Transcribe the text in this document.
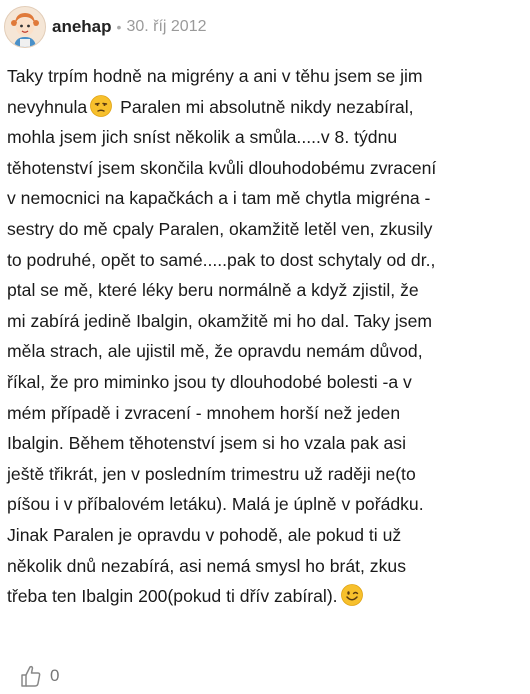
anehap • 30. říj 2012
Taky trpím hodně na migrény a ani v těhu jsem se jim
nevyhnula Paralen mi absolutně nikdy nezabíral,
mohla jsem jich sníst několik a smůla.....v 8. týdnu
těhotenství jsem skončila kvůli dlouhodobému zvracení
v nemocnici na kapačkách a i tam mě chytla migréna -
sestry do mě cpaly Paralen, okamžitě letěl ven, zkusily
to podruhé, opět to samé.....pak to dost schytaly od dr.,
ptal se mě, které léky beru normálně a když zjistil, že
mi zabírá jedině Ibalgin, okamžitě mi ho dal. Taky jsem
měla strach, ale ujistil mě, že opravdu nemám důvod,
říkal, že pro miminko jsou ty dlouhodobé bolesti -a v
mém případě i zvracení - mnohem horší než jeden
Ibalgin. Během těhotenství jsem si ho vzala pak asi
ještě třikrát, jen v posledním trimestru už raději ne(to
píšou i v příbalovém letáku). Malá je úplně v pořádku.
Jinak Paralen je opravdu v pohodě, ale pokud ti už
několik dnů nezabírá, asi nemá smysl ho brát, zkus
třeba ten Ibalgin 200(pokud ti dřív zabíral).
0
